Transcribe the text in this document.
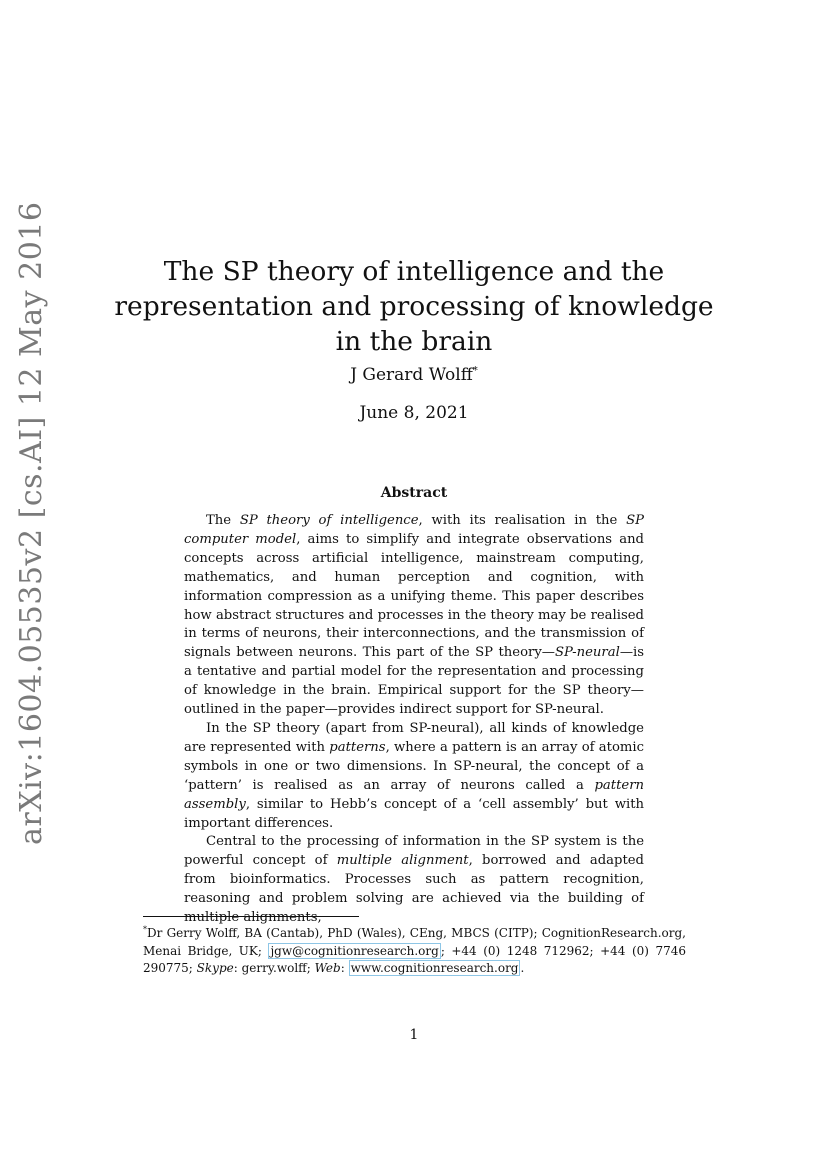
arXiv:1604.05535v2 [cs.AI] 12 May 2016	The SP theory of intelligence and the representation and processing of knowledge in the brain
J Gerard Wolff*
June 8, 2021
Abstract

The SP theory of intelligence, with its realisation in the SP computer model, aims to simplify and integrate observations and concepts across artificial intelligence, mainstream computing, mathematics, and human perception and cognition, with information compression as a unifying theme. This paper describes how abstract structures and processes in the theory may be realised in terms of neurons, their interconnections, and the transmission of signals between neurons. This part of the SP theory—SP-neural—is a tentative and partial model for the representation and processing of knowledge in the brain. Empirical support for the SP theory—outlined in the paper—provides indirect support for SP-neural.

In the SP theory (apart from SP-neural), all kinds of knowledge are represented with patterns, where a pattern is an array of atomic symbols in one or two dimensions. In SP-neural, the concept of a ‘pattern’ is realised as an array of neurons called a pattern assembly, similar to Hebb’s concept of a ‘cell assembly’ but with important differences.

Central to the processing of information in the SP system is the powerful concept of multiple alignment, borrowed and adapted from bioinformatics. Processes such as pattern recognition, reasoning and problem solving are achieved via the building of multiple alignments,

*Dr Gerry Wolff, BA (Cantab), PhD (Wales), CEng, MBCS (CITP); CognitionResearch.org, Menai Bridge, UK; jgw@cognitionresearch.org ; +44 (0) 1248 712962; +44 (0) 7746 290775; Skype: gerry.wolff; Web: www.cognitionresearch.org .
1
